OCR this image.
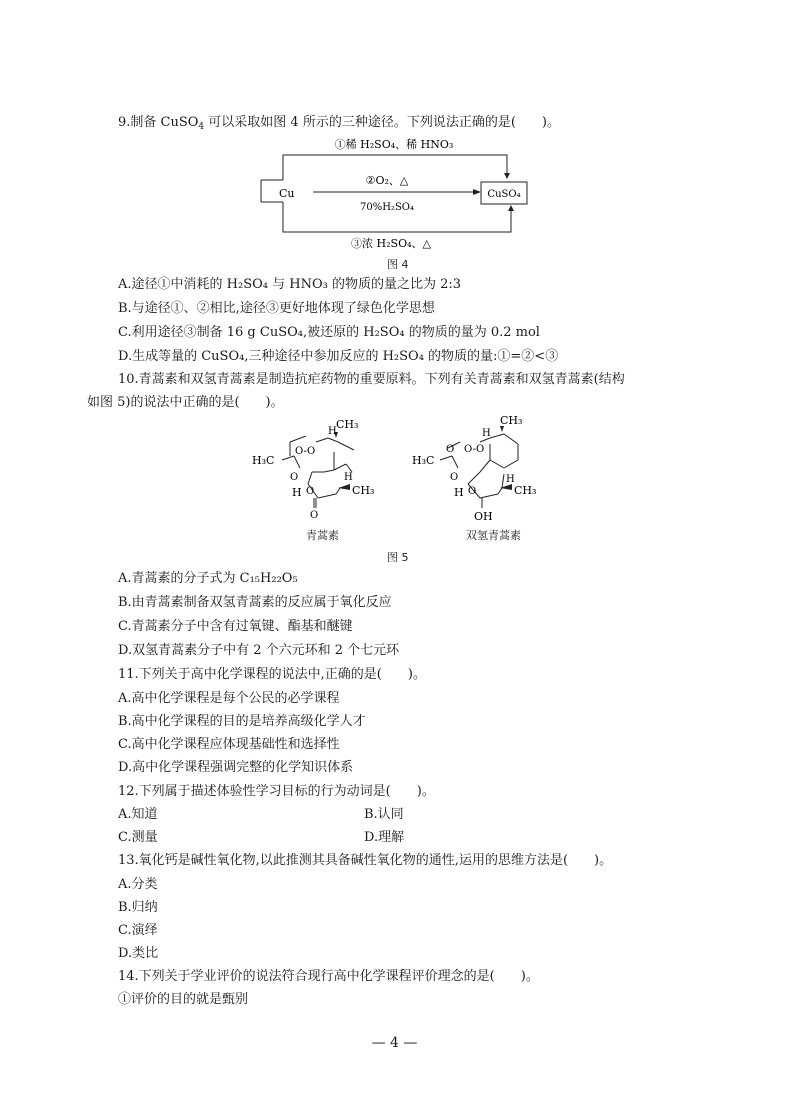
9.制备 CuSO$_4$ 可以采取如图 4 所示的三种途径。下列说法正确的是(　　)。
Cu	CuSO₄
①稀 H₂SO₄、稀 HNO₃
②O₂、△
70%H₂SO₄
③浓 H₂SO₄、△
图 4
A.途径①中消耗的 H₂SO₄ 与 HNO₃ 的物质的量之比为 2:3
B.与途径①、②相比,途径③更好地体现了绿色化学思想
C.利用途径③制备 16 g CuSO₄,被还原的 H₂SO₄ 的物质的量为 0.2 mol
D.生成等量的 CuSO₄,三种途径中参加反应的 H₂SO₄ 的物质的量:①=②<③
10.青蒿素和双氢青蒿素是制造抗疟药物的重要原料。下列有关青蒿素和双氢青蒿素(结构
如图 5)的说法中正确的是(　　)。
H
CH₃
O-O
H₃C
O
H O
H
CH₃
O
青蒿素
H
CH₃
O O-O
H₃C
O
H O
H
CH₃
OH
双氢青蒿素
图 5
A.青蒿素的分子式为 C₁₅H₂₂O₅
B.由青蒿素制备双氢青蒿素的反应属于氧化反应
C.青蒿素分子中含有过氧键、酯基和醚键
D.双氢青蒿素分子中有 2 个六元环和 2 个七元环
11.下列关于高中化学课程的说法中,正确的是(　　)。
A.高中化学课程是每个公民的必学课程
B.高中化学课程的目的是培养高级化学人才
C.高中化学课程应体现基础性和选择性
D.高中化学课程强调完整的化学知识体系
12.下列属于描述体验性学习目标的行为动词是(　　)。
A.知道	B.认同
C.测量	D.理解
13.氧化钙是碱性氧化物,以此推测其具备碱性氧化物的通性,运用的思维方法是(　　)。
A.分类
B.归纳
C.演绎
D.类比
14.下列关于学业评价的说法符合现行高中化学课程评价理念的是(　　)。
①评价的目的就是甄别
— 4 —
